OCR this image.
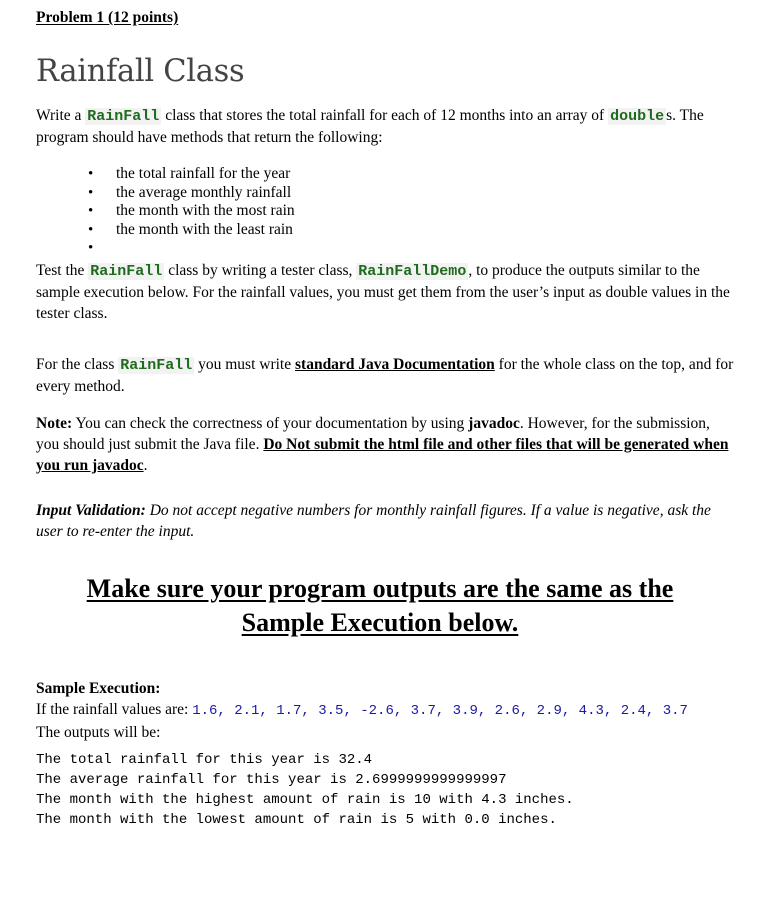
Problem 1 (12 points)
Rainfall Class
Write a RainFall class that stores the total rainfall for each of 12 months into an array of double s. The program should have methods that return the following:
• the total rainfall for the year
• the average monthly rainfall
• the month with the most rain
• the month with the least rain
•
Test the RainFall class by writing a tester class, RainFallDemo , to produce the outputs similar to the sample execution below. For the rainfall values, you must get them from the user’s input as double values in the tester class.
For the class RainFall you must write standard Java Documentation for the whole class on the top, and for every method.
Note: You can check the correctness of your documentation by using javadoc. However, for the submission, you should just submit the Java file. Do Not submit the html file and other files that will be generated when you run javadoc.
Input Validation: Do not accept negative numbers for monthly rainfall figures. If a value is negative, ask the user to re-enter the input.
Make sure your program outputs are the same as the
Sample Execution below.
Sample Execution:
If the rainfall values are: 1.6, 2.1, 1.7, 3.5, -2.6, 3.7, 3.9, 2.6, 2.9, 4.3, 2.4, 3.7
The outputs will be:
The total rainfall for this year is 32.4
The average rainfall for this year is 2.6999999999999997
The month with the highest amount of rain is 10 with 4.3 inches.
The month with the lowest amount of rain is 5 with 0.0 inches.
